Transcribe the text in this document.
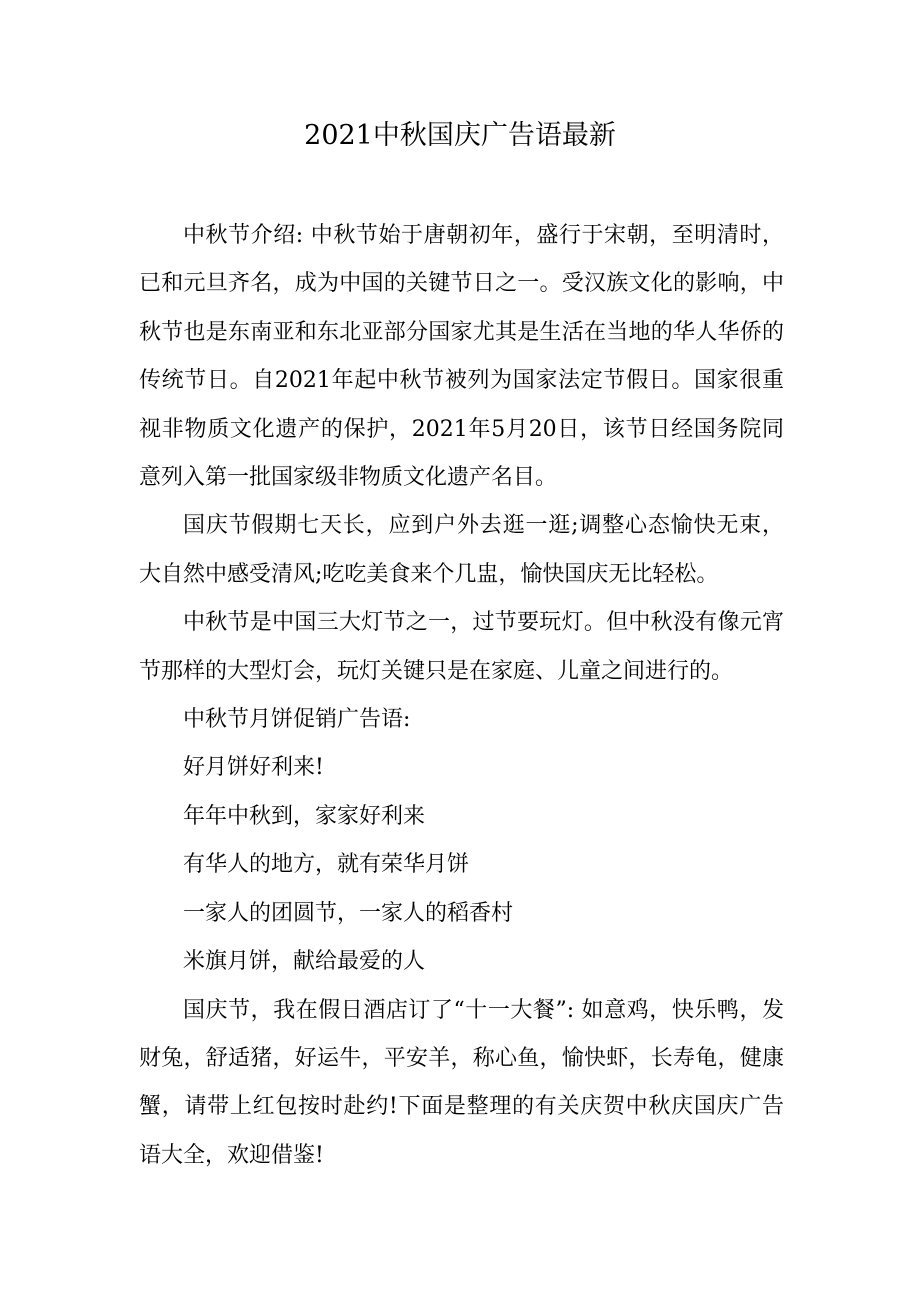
2021中秋国庆广告语最新

中秋节介绍: 中秋节始于唐朝初年，盛行于宋朝，至明清时，已和元旦齐名，成为中国的关键节日之一。受汉族文化的影响，中秋节也是东南亚和东北亚部分国家尤其是生活在当地的华人华侨的传统节日。自2021年起中秋节被列为国家法定节假日。国家很重视非物质文化遗产的保护，2021年5月20日，该节日经国务院同意列入第一批国家级非物质文化遗产名目。

国庆节假期七天长，应到户外去逛一逛;调整心态愉快无束，大自然中感受清风;吃吃美食来个几盅，愉快国庆无比轻松。

中秋节是中国三大灯节之一，过节要玩灯。但中秋没有像元宵节那样的大型灯会，玩灯关键只是在家庭、儿童之间进行的。

中秋节月饼促销广告语:

好月饼好利来!

年年中秋到，家家好利来

有华人的地方，就有荣华月饼

一家人的团圆节，一家人的稻香村

米旗月饼，献给最爱的人

国庆节，我在假日酒店订了“十一大餐”: 如意鸡，快乐鸭，发财兔，舒适猪，好运牛，平安羊，称心鱼，愉快虾，长寿龟，健康蟹，请带上红包按时赴约!下面是整理的有关庆贺中秋庆国庆广告语大全，欢迎借鉴!
